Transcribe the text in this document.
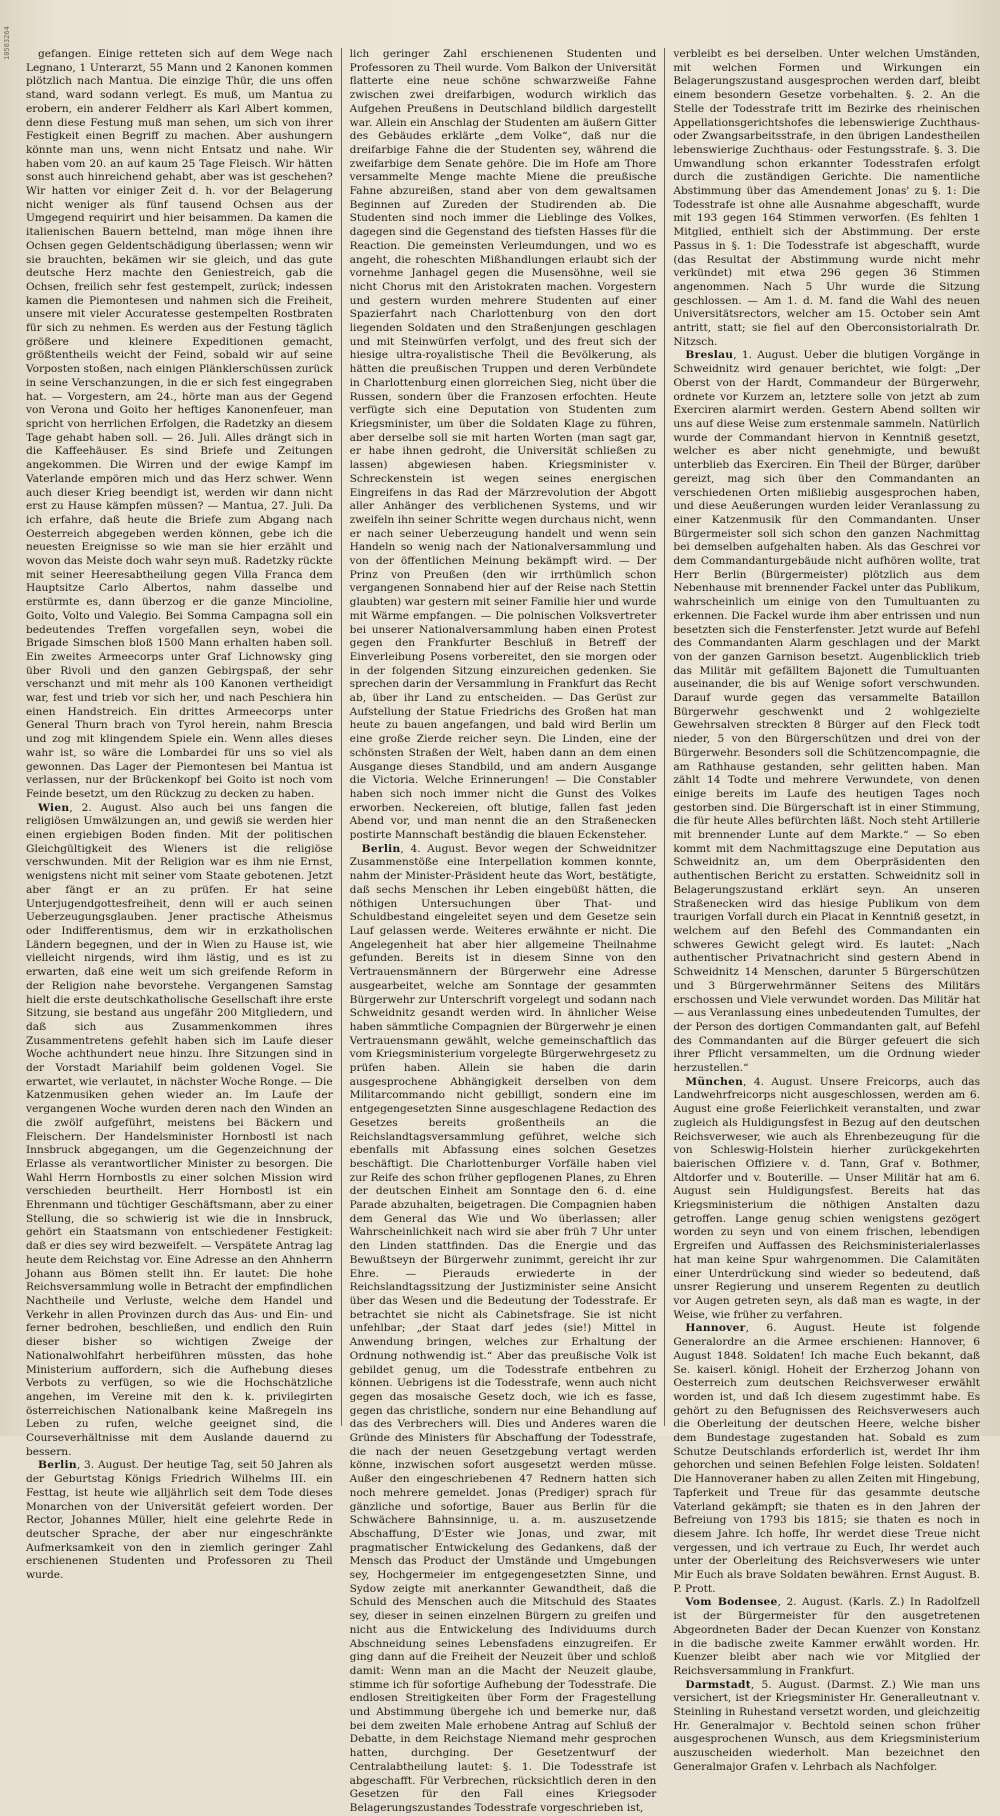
10503264	gefangen. Einige retteten sich auf dem Wege nach Legnano, 1 Unterarzt, 55 Mann und 2 Kanonen kommen plötzlich nach Mantua. Die einzige Thür, die uns offen stand, ward sodann verlegt. Es muß, um Mantua zu erobern, ein anderer Feldherr als Karl Albert kommen, denn diese Festung muß man sehen, um sich von ihrer Festigkeit einen Begriff zu machen. Aber aushungern könnte man uns, wenn nicht Entsatz und nahe. Wir haben vom 20. an auf kaum 25 Tage Fleisch. Wir hätten sonst auch hinreichend gehabt, aber was ist geschehen? Wir hatten vor einiger Zeit d. h. vor der Belagerung nicht weniger als fünf tausend Ochsen aus der Umgegend requirirt und hier beisammen. Da kamen die italienischen Bauern bettelnd, man möge ihnen ihre Ochsen gegen Geldentschädigung überlassen; wenn wir sie brauchten, bekämen wir sie gleich, und das gute deutsche Herz machte den Geniestreich, gab die Ochsen, freilich sehr fest gestempelt, zurück; indessen kamen die Piemontesen und nahmen sich die Freiheit, unsere mit vieler Accuratesse gestempelten Rostbraten für sich zu nehmen. Es werden aus der Festung täglich größere und kleinere Expeditionen gemacht, größtentheils weicht der Feind, sobald wir auf seine Vorposten stoßen, nach einigen Plänklerschüssen zurück in seine Verschanzungen, in die er sich fest eingegraben hat. — Vorgestern, am 24., hörte man aus der Gegend von Verona und Goito her heftiges Kanonenfeuer, man spricht von herrlichen Erfolgen, die Radetzky an diesem Tage gehabt haben soll. — 26. Juli. Alles drängt sich in die Kaffeehäuser. Es sind Briefe und Zeitungen angekommen. Die Wirren und der ewige Kampf im Vaterlande empören mich und das Herz schwer. Wenn auch dieser Krieg beendigt ist, werden wir dann nicht erst zu Hause kämpfen müssen? — Mantua, 27. Juli. Da ich erfahre, daß heute die Briefe zum Abgang nach Oesterreich abgegeben werden können, gebe ich die neuesten Ereignisse so wie man sie hier erzählt und wovon das Meiste doch wahr seyn muß. Radetzky rückte mit seiner Heeresabtheilung gegen Villa Franca dem Hauptsitze Carlo Albertos, nahm dasselbe und erstürmte es, dann überzog er die ganze Mincioline, Goito, Volto und Valegio. Bei Somma Campagna soll ein bedeutendes Treffen vorgefallen seyn, wobei die Brigade Simschen bloß 1500 Mann erhalten haben soll. Ein zweites Armeecorps unter Graf Lichnowsky ging über Rivoli und den ganzen Gebirgspaß, der sehr verschanzt und mit mehr als 100 Kanonen vertheidigt war, fest und trieb vor sich her, und nach Peschiera hin einen Handstreich. Ein drittes Armeecorps unter General Thurn brach von Tyrol herein, nahm Brescia und zog mit klingendem Spiele ein. Wenn alles dieses wahr ist, so wäre die Lombardei für uns so viel als gewonnen. Das Lager der Piemontesen bei Mantua ist verlassen, nur der Brückenkopf bei Goito ist noch vom Feinde besetzt, um den Rückzug zu decken zu haben.

Wien, 2. August. Also auch bei uns fangen die religiösen Umwälzungen an, und gewiß sie werden hier einen ergiebigen Boden finden. Mit der politischen Gleichgültigkeit des Wieners ist die religiöse verschwunden. Mit der Religion war es ihm nie Ernst, wenigstens nicht mit seiner vom Staate gebotenen. Jetzt aber fängt er an zu prüfen. Er hat seine Unterjugendgottesfreiheit, denn will er auch seinen Ueberzeugungsglauben. Jener practische Atheismus oder Indifferentismus, dem wir in erzkatholischen Ländern begegnen, und der in Wien zu Hause ist, wie vielleicht nirgends, wird ihm lästig, und es ist zu erwarten, daß eine weit um sich greifende Reform in der Religion nahe bevorstehe. Vergangenen Samstag hielt die erste deutschkatholische Gesellschaft ihre erste Sitzung, sie bestand aus ungefähr 200 Mitgliedern, und daß sich aus Zusammenkommen ihres Zusammentretens gefehlt haben sich im Laufe dieser Woche achthundert neue hinzu. Ihre Sitzungen sind in der Vorstadt Mariahilf beim goldenen Vogel. Sie erwartet, wie verlautet, in nächster Woche Ronge. — Die Katzenmusiken gehen wieder an. Im Laufe der vergangenen Woche wurden deren nach den Winden an die zwölf aufgeführt, meistens bei Bäckern und Fleischern. Der Handelsminister Hornbostl ist nach Innsbruck abgegangen, um die Gegenzeichnung der Erlasse als verantwortlicher Minister zu besorgen. Die Wahl Herrn Hornbostls zu einer solchen Mission wird verschieden beurtheilt. Herr Hornbostl ist ein Ehrenmann und tüchtiger Geschäftsmann, aber zu einer Stellung, die so schwierig ist wie die in Innsbruck, gehört ein Staatsmann von entschiedener Festigkeit: daß er dies sey wird bezweifelt. — Verspätete Antrag lag heute dem Reichstag vor. Eine Adresse an den Ahnherrn Johann aus Bömen stellt ihn. Er lautet: Die hohe Reichsversammlung wolle in Betracht der empfindlichen Nachtheile und Verluste, welche dem Handel und Verkehr in allen Provinzen durch das Aus- und Ein- und ferner bedrohen, beschließen, und endlich den Ruin dieser bisher so wichtigen Zweige der Nationalwohlfahrt herbeiführen müssten, das hohe Ministerium auffordern, sich die Aufhebung dieses Verbots zu verfügen, so wie die Hochschätzliche angehen, im Vereine mit den k. k. privilegirten österreichischen Nationalbank keine Maßregeln ins Leben zu rufen, welche geeignet sind, die Courseverhältnisse mit dem Auslande dauernd zu bessern.

Berlin, 3. August. Der heutige Tag, seit 50 Jahren als der Geburtstag Königs Friedrich Wilhelms III. ein Festtag, ist heute wie alljährlich seit dem Tode dieses Monarchen von der Universität gefeiert worden. Der Rector, Johannes Müller, hielt eine gelehrte Rede in deutscher Sprache, der aber nur eingeschränkte Aufmerksamkeit von den in ziemlich geringer Zahl erschienenen Studenten und Professoren zu Theil wurde.

lich geringer Zahl erschienenen Studenten und Professoren zu Theil wurde. Vom Balkon der Universität flatterte eine neue schöne schwarzweiße Fahne zwischen zwei dreifarbigen, wodurch wirklich das Aufgehen Preußens in Deutschland bildlich dargestellt war. Allein ein Anschlag der Studenten am äußern Gitter des Gebäudes erklärte „dem Volke“, daß nur die dreifarbige Fahne die der Studenten sey, während die zweifarbige dem Senate gehöre. Die im Hofe am Thore versammelte Menge machte Miene die preußische Fahne abzureißen, stand aber von dem gewaltsamen Beginnen auf Zureden der Studirenden ab. Die Studenten sind noch immer die Lieblinge des Volkes, dagegen sind die Gegenstand des tiefsten Hasses für die Reaction. Die gemeinsten Verleumdungen, und wo es angeht, die roheschten Mißhandlungen erlaubt sich der vornehme Janhagel gegen die Musensöhne, weil sie nicht Chorus mit den Aristokraten machen. Vorgestern und gestern wurden mehrere Studenten auf einer Spazierfahrt nach Charlottenburg von den dort liegenden Soldaten und den Straßenjungen geschlagen und mit Steinwürfen verfolgt, und des freut sich der hiesige ultra-royalistische Theil die Bevölkerung, als hätten die preußischen Truppen und deren Verbündete in Charlottenburg einen glorreichen Sieg, nicht über die Russen, sondern über die Franzosen erfochten. Heute verfügte sich eine Deputation von Studenten zum Kriegsminister, um über die Soldaten Klage zu führen, aber derselbe soll sie mit harten Worten (man sagt gar, er habe ihnen gedroht, die Universität schließen zu lassen) abgewiesen haben. Kriegsminister v. Schreckenstein ist wegen seines energischen Eingreifens in das Rad der Märzrevolution der Abgott aller Anhänger des verblichenen Systems, und wir zweifeln ihn seiner Schritte wegen durchaus nicht, wenn er nach seiner Ueberzeugung handelt und wenn sein Handeln so wenig nach der Nationalversammlung und von der öffentlichen Meinung bekämpft wird. — Der Prinz von Preußen (den wir irrthümlich schon vergangenen Sonnabend hier auf der Reise nach Stettin glaubten) war gestern mit seiner Familie hier und wurde mit Wärme empfangen. — Die polnischen Volksvertreter bei unserer Nationalversammlung haben einen Protest gegen den Frankfurter Beschluß in Betreff der Einverleibung Posens vorbereitet, den sie morgen oder in der folgenden Sitzung einzureichen gedenken. Sie sprechen darin der Versammlung in Frankfurt das Recht ab, über ihr Land zu entscheiden. — Das Gerüst zur Aufstellung der Statue Friedrichs des Großen hat man heute zu bauen angefangen, und bald wird Berlin um eine große Zierde reicher seyn. Die Linden, eine der schönsten Straßen der Welt, haben dann an dem einen Ausgange dieses Standbild, und am andern Ausgange die Victoria. Welche Erinnerungen! — Die Constabler haben sich noch immer nicht die Gunst des Volkes erworben. Neckereien, oft blutige, fallen fast jeden Abend vor, und man nennt die an den Straßenecken postirte Mannschaft beständig die blauen Eckensteher.

Berlin, 4. August. Bevor wegen der Schweidnitzer Zusammenstöße eine Interpellation kommen konnte, nahm der Minister-Präsident heute das Wort, bestätigte, daß sechs Menschen ihr Leben eingebüßt hätten, die nöthigen Untersuchungen über That- und Schuldbestand eingeleitet seyen und dem Gesetze sein Lauf gelassen werde. Weiteres erwähnte er nicht. Die Angelegenheit hat aber hier allgemeine Theilnahme gefunden. Bereits ist in diesem Sinne von den Vertrauensmännern der Bürgerwehr eine Adresse ausgearbeitet, welche am Sonntage der gesammten Bürgerwehr zur Unterschrift vorgelegt und sodann nach Schweidnitz gesandt werden wird. In ähnlicher Weise haben sämmtliche Compagnien der Bürgerwehr je einen Vertrauensmann gewählt, welche gemeinschaftlich das vom Kriegsministerium vorgelegte Bürgerwehrgesetz zu prüfen haben. Allein sie haben die darin ausgesprochene Abhängigkeit derselben von dem Militarcommando nicht gebilligt, sondern eine im entgegengesetzten Sinne ausgeschlagene Redaction des Gesetzes bereits großentheils an die Reichslandtagsversammlung geführet, welche sich ebenfalls mit Abfassung eines solchen Gesetzes beschäftigt. Die Charlottenburger Vorfälle haben viel zur Reife des schon früher gepflogenen Planes, zu Ehren der deutschen Einheit am Sonntage den 6. d. eine Parade abzuhalten, beigetragen. Die Compagnien haben dem General das Wie und Wo überlassen; aller Wahrscheinlichkeit nach wird sie aber früh 7 Uhr unter den Linden stattfinden. Das die Energie und das Bewußtseyn der Bürgerwehr zunimmt, gereicht ihr zur Ehre. — Pierauds erwiederte in der Reichslandtagssitzung der Justizminister seine Ansicht über das Wesen und die Bedeutung der Todesstrafe. Er betrachtet sie nicht als Cabinetsfrage. Sie ist nicht unfehlbar; „der Staat darf jedes (sie!) Mittel in Anwendung bringen, welches zur Erhaltung der Ordnung nothwendig ist.“ Aber das preußische Volk ist gebildet genug, um die Todesstrafe entbehren zu können. Uebrigens ist die Todesstrafe, wenn auch nicht gegen das mosaische Gesetz doch, wie ich es fasse, gegen das christliche, sondern nur eine Behandlung auf das des Verbrechers will. Dies und Anderes waren die Gründe des Ministers für Abschaffung der Todesstrafe, die nach der neuen Gesetzgebung vertagt werden könne, inzwischen sofort ausgesetzt werden müsse. Außer den eingeschriebenen 47 Rednern hatten sich noch mehrere gemeldet. Jonas (Prediger) sprach für gänzliche und sofortige, Bauer aus Berlin für die Schwächere Bahnsinnige, u. a. m. auszusetzende Abschaffung, D'Ester wie Jonas, und zwar, mit pragmatischer Entwickelung des Gedankens, daß der Mensch das Product der Umstände und Umgebungen sey, Hochgermeier im entgegengesetzten Sinne, und Sydow zeigte mit anerkannter Gewandtheit, daß die Schuld des Menschen auch die Mitschuld des Staates sey, dieser in seinen einzelnen Bürgern zu greifen und nicht aus die Entwickelung des Individuums durch Abschneidung seines Lebensfadens einzugreifen. Er ging dann auf die Freiheit der Neuzeit über und schloß damit: Wenn man an die Macht der Neuzeit glaube, stimme ich für sofortige Aufhebung der Todesstrafe. Die endlosen Streitigkeiten über Form der Fragestellung und Abstimmung übergehe ich und bemerke nur, daß bei dem zweiten Male erhobene Antrag auf Schluß der Debatte, in dem Reichstage Niemand mehr gesprochen hatten, durchging. Der Gesetzentwurf der Centralabtheilung lautet: §. 1. Die Todesstrafe ist abgeschafft. Für Verbrechen, rücksichtlich deren in den Gesetzen für den Fall eines Kriegsoder Belagerungszustandes Todesstrafe vorgeschrieben ist,

verbleibt es bei derselben. Unter welchen Umständen, mit welchen Formen und Wirkungen ein Belagerungszustand ausgesprochen werden darf, bleibt einem besondern Gesetze vorbehalten. §. 2. An die Stelle der Todesstrafe tritt im Bezirke des rheinischen Appellationsgerichtshofes die lebenswierige Zuchthaus- oder Zwangsarbeitsstrafe, in den übrigen Landestheilen lebenswierige Zuchthaus- oder Festungsstrafe. §. 3. Die Umwandlung schon erkannter Todesstrafen erfolgt durch die zuständigen Gerichte. Die namentliche Abstimmung über das Amendement Jonas' zu §. 1: Die Todesstrafe ist ohne alle Ausnahme abgeschafft, wurde mit 193 gegen 164 Stimmen verworfen. (Es fehlten 1 Mitglied, enthielt sich der Abstimmung. Der erste Passus in §. 1: Die Todesstrafe ist abgeschafft, wurde (das Resultat der Abstimmung wurde nicht mehr verkündet) mit etwa 296 gegen 36 Stimmen angenommen. Nach 5 Uhr wurde die Sitzung geschlossen. — Am 1. d. M. fand die Wahl des neuen Universitätsrectors, welcher am 15. October sein Amt antritt, statt; sie fiel auf den Oberconsistorialrath Dr. Nitzsch.

Breslau, 1. August. Ueber die blutigen Vorgänge in Schweidnitz wird genauer berichtet, wie folgt: „Der Oberst von der Hardt, Commandeur der Bürgerwehr, ordnete vor Kurzem an, letztere solle von jetzt ab zum Exerciren alarmirt werden. Gestern Abend sollten wir uns auf diese Weise zum erstenmale sammeln. Natürlich wurde der Commandant hiervon in Kenntniß gesetzt, welcher es aber nicht genehmigte, und bewußt unterblieb das Exerciren. Ein Theil der Bürger, darüber gereizt, mag sich über den Commandanten an verschiedenen Orten mißliebig ausgesprochen haben, und diese Aeußerungen wurden leider Veranlassung zu einer Katzenmusik für den Commandanten. Unser Bürgermeister soll sich schon den ganzen Nachmittag bei demselben aufgehalten haben. Als das Geschrei vor dem Commandanturgebäude nicht aufhören wollte, trat Herr Berlin (Bürgermeister) plötzlich aus dem Nebenhause mit brennender Fackel unter das Publikum, wahrscheinlich um einige von den Tumultuanten zu erkennen. Die Fackel wurde ihm aber entrissen und nun besetzten sich die Fensterfenster. Jetzt wurde auf Befehl des Commandanten Alarm geschlagen und der Markt von der ganzen Garnison besetzt. Augenblicklich trieb das Militär mit gefälltem Bajonett die Tumultuanten auseinander, die bis auf Wenige sofort verschwunden. Darauf wurde gegen das versammelte Bataillon Bürgerwehr geschwenkt und 2 wohlgezielte Gewehrsalven streckten 8 Bürger auf den Fleck todt nieder, 5 von den Bürgerschützen und drei von der Bürgerwehr. Besonders soll die Schützencompagnie, die am Rathhause gestanden, sehr gelitten haben. Man zählt 14 Todte und mehrere Verwundete, von denen einige bereits im Laufe des heutigen Tages noch gestorben sind. Die Bürgerschaft ist in einer Stimmung, die für heute Alles befürchten läßt. Noch steht Artillerie mit brennender Lunte auf dem Markte.“ — So eben kommt mit dem Nachmittagszuge eine Deputation aus Schweidnitz an, um dem Oberpräsidenten den authentischen Bericht zu erstatten. Schweidnitz soll in Belagerungszustand erklärt seyn. An unseren Straßenecken wird das hiesige Publikum von dem traurigen Vorfall durch ein Placat in Kenntniß gesetzt, in welchem auf den Befehl des Commandanten ein schweres Gewicht gelegt wird. Es lautet: „Nach authentischer Privatnachricht sind gestern Abend in Schweidnitz 14 Menschen, darunter 5 Bürgerschützen und 3 Bürgerwehrmänner Seitens des Militärs erschossen und Viele verwundet worden. Das Militär hat — aus Veranlassung eines unbedeutenden Tumultes, der der Person des dortigen Commandanten galt, auf Befehl des Commandanten auf die Bürger gefeuert die sich ihrer Pflicht versammelten, um die Ordnung wieder herzustellen.“

München, 4. August. Unsere Freicorps, auch das Landwehrfreicorps nicht ausgeschlossen, werden am 6. August eine große Feierlichkeit veranstalten, und zwar zugleich als Huldigungsfest in Bezug auf den deutschen Reichsverweser, wie auch als Ehrenbezeugung für die von Schleswig-Holstein hierher zurückgekehrten baierischen Offiziere v. d. Tann, Graf v. Bothmer, Altdorfer und v. Bouterille. — Unser Militär hat am 6. August sein Huldigungsfest. Bereits hat das Kriegsministerium die nöthigen Anstalten dazu getroffen. Lange genug schien wenigstens gezögert worden zu seyn und von einem frischen, lebendigen Ergreifen und Auffassen des Reichsministerialerlasses hat man keine Spur wahrgenommen. Die Calamitäten einer Unterdrückung sind wieder so bedeutend, daß unsrer Regierung und unserem Regenten zu deutlich vor Augen getreten seyn, als daß man es wagte, in der Weise, wie früher zu verfahren.

Hannover, 6. August. Heute ist folgende Generalordre an die Armee erschienen: Hannover, 6 August 1848. Soldaten! Ich mache Euch bekannt, daß Se. kaiserl. königl. Hoheit der Erzherzog Johann von Oesterreich zum deutschen Reichsverweser erwählt worden ist, und daß Ich diesem zugestimmt habe. Es gehört zu den Befugnissen des Reichsverwesers auch die Oberleitung der deutschen Heere, welche bisher dem Bundestage zugestanden hat. Sobald es zum Schutze Deutschlands erforderlich ist, werdet Ihr ihm gehorchen und seinen Befehlen Folge leisten. Soldaten! Die Hannoveraner haben zu allen Zeiten mit Hingebung, Tapferkeit und Treue für das gesammte deutsche Vaterland gekämpft; sie thaten es in den Jahren der Befreiung von 1793 bis 1815; sie thaten es noch in diesem Jahre. Ich hoffe, Ihr werdet diese Treue nicht vergessen, und ich vertraue zu Euch, Ihr werdet auch unter der Oberleitung des Reichsverwesers wie unter Mir Euch als brave Soldaten bewähren. Ernst August. B. P. Prott.

Vom Bodensee, 2. August. (Karls. Z.) In Radolfzell ist der Bürgermeister für den ausgetretenen Abgeordneten Bader der Decan Kuenzer von Konstanz in die badische zweite Kammer erwählt worden. Hr. Kuenzer bleibt aber nach wie vor Mitglied der Reichsversammlung in Frankfurt.

Darmstadt, 5. August. (Darmst. Z.) Wie man uns versichert, ist der Kriegsminister Hr. Generalleutnant v. Steinling in Ruhestand versetzt worden, und gleichzeitig Hr. Generalmajor v. Bechtold seinen schon früher ausgesprochenen Wunsch, aus dem Kriegsministerium auszuscheiden wiederholt. Man bezeichnet den Generalmajor Grafen v. Lehrbach als Nachfolger.
